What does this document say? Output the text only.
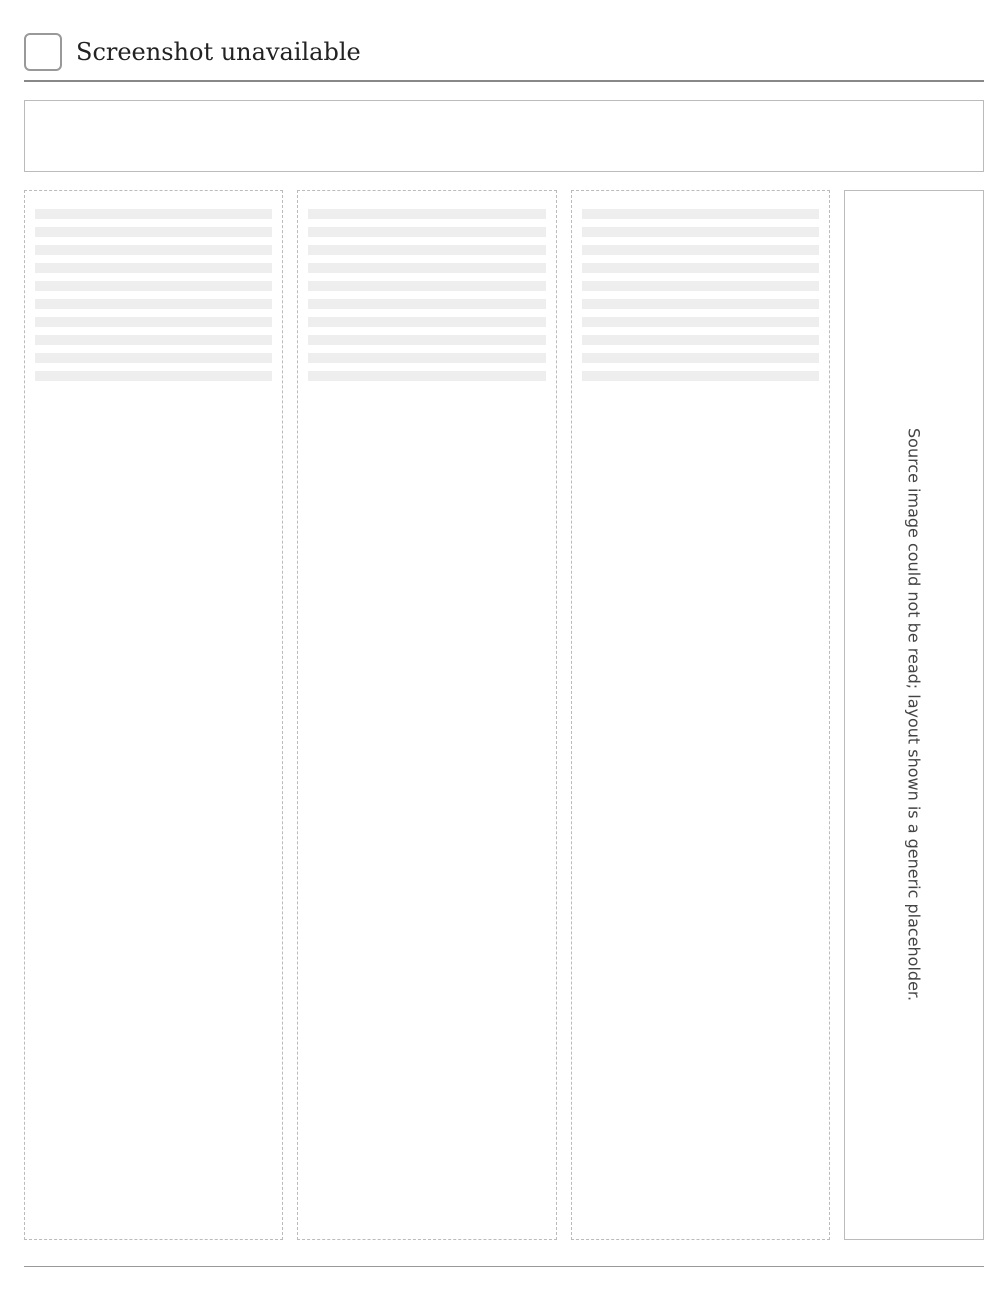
Screenshot unavailable

Source image could not be read; layout shown is a generic placeholder.
